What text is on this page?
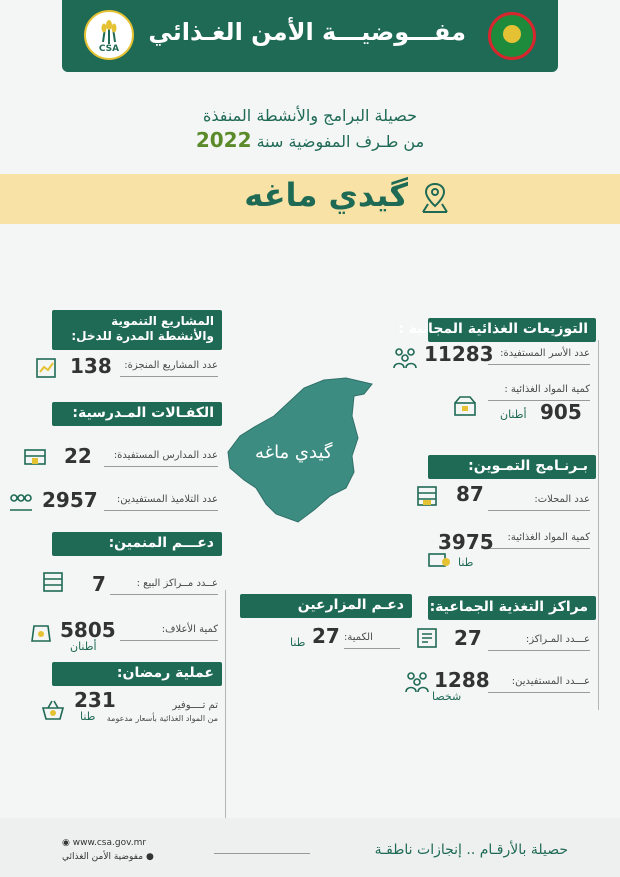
مفـــوضيـــة الأمن الغـذائي
CSA
حصيلة البرامج والأنشطة المنفذة
من طـرف المفوضية سنة 2022
گيدي ماغه
گيدي ماغه
التوزيعات الغذائية المجانية :
عدد الأسر المستفيدة:
11283
كمية المواد الغذائية :
905
أطنان
بـرنـامج التمـوين:
عدد المحلات:
87
كمية المواد الغذائية:
3975
طنا
مراكز التغذية الجماعية:
عـــدد المـراكز:
27
عـــدد المستفيدين:
1288
شخصا
دعـم المزارعين
الكمية:
27
طنا
المشاريع التنموية
والأنشطة المدرة للدخل:
عدد المشاريع المنجزة:
138
الكفـالات المـدرسية:
عدد المدارس المستفيدة:
22
عدد التلاميذ المستفيدين:
2957
دعـــم المنمين:
عــدد مــراكز البيع :
7
كمية الأعلاف:
5805
أطنان
عملية رمضان:
تم تــــوفير
من المواد الغذائية بأسعار مدعومة
231
طنا
حصيلة بالأرقـام .. إنجازات ناطقـة
◉ www.csa.gov.mr
● مفوضية الأمن الغذائي
